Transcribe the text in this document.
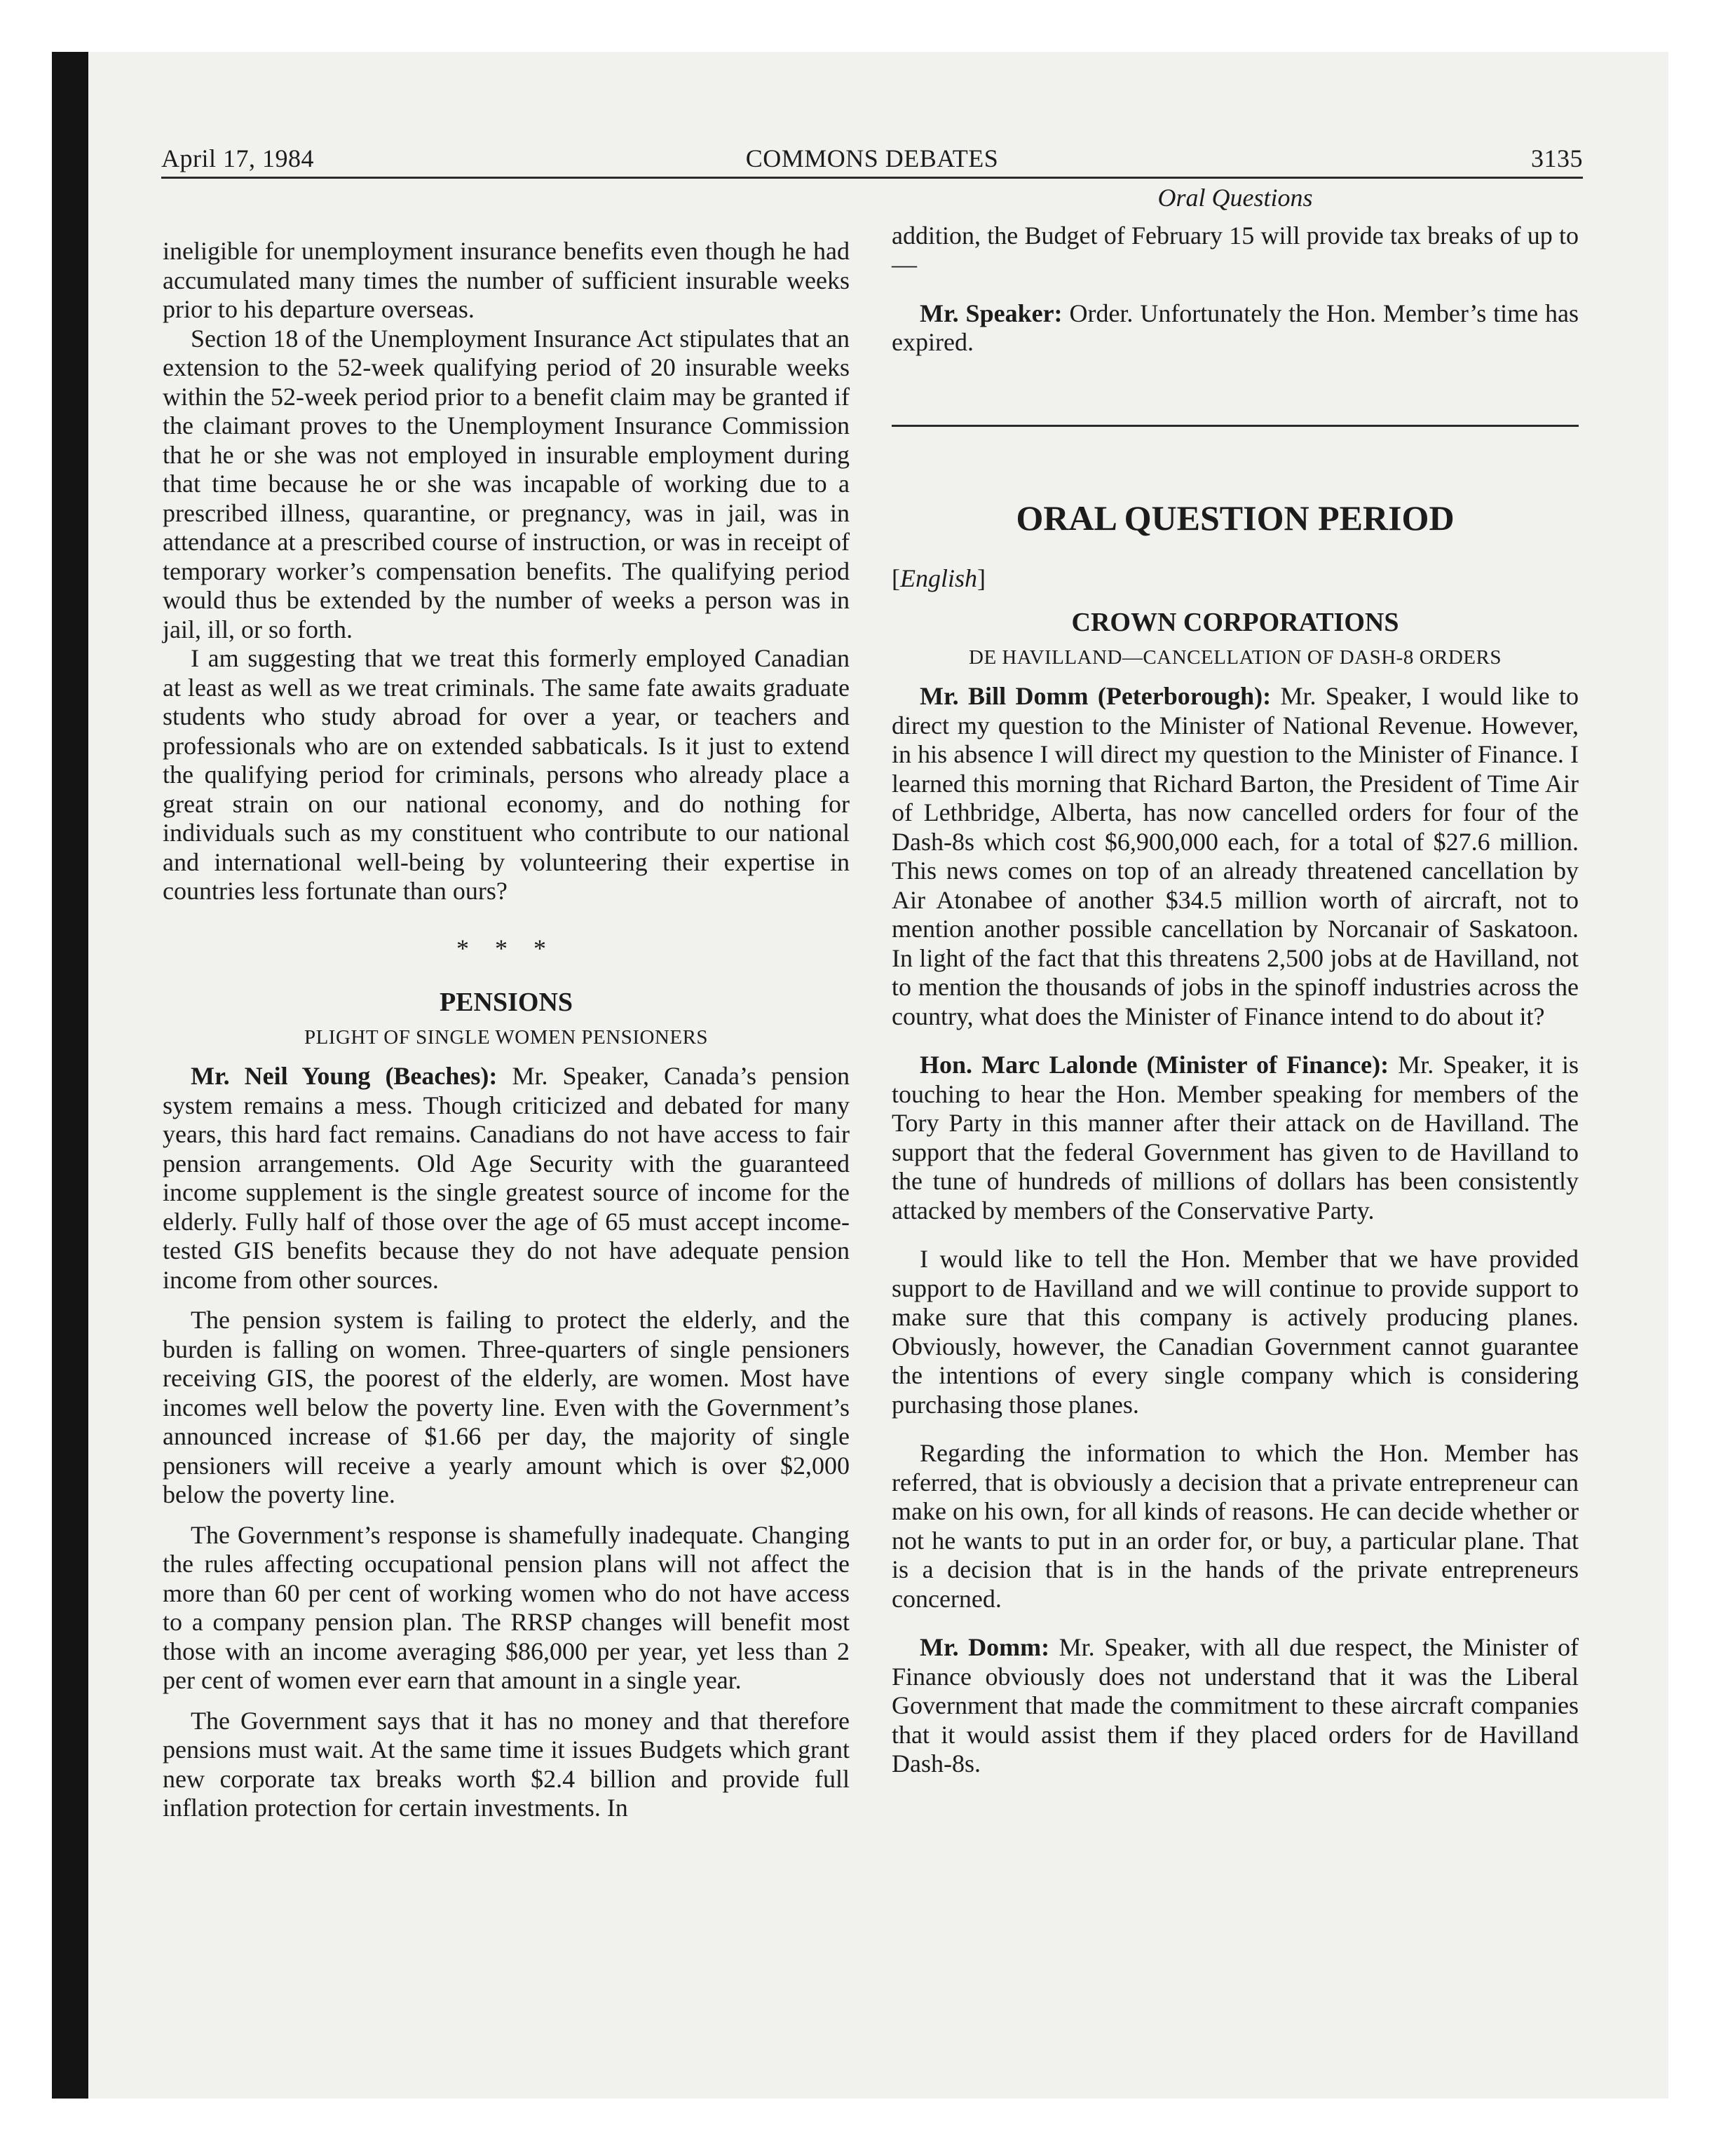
April 17, 1984	COMMONS DEBATES	3135

ineligible for unemployment insurance benefits even though he had accumulated many times the number of sufficient insurable weeks prior to his departure overseas.

Section 18 of the Unemployment Insurance Act stipulates that an extension to the 52-week qualifying period of 20 insurable weeks within the 52-week period prior to a benefit claim may be granted if the claimant proves to the Unemployment Insurance Commission that he or she was not employed in insurable employment during that time because he or she was incapable of working due to a prescribed illness, quarantine, or pregnancy, was in jail, was in attendance at a prescribed course of instruction, or was in receipt of temporary worker’s compensation benefits. The qualifying period would thus be extended by the number of weeks a person was in jail, ill, or so forth.

I am suggesting that we treat this formerly employed Canadian at least as well as we treat criminals. The same fate awaits graduate students who study abroad for over a year, or teachers and professionals who are on extended sabbaticals. Is it just to extend the qualifying period for criminals, persons who already place a great strain on our national economy, and do nothing for individuals such as my constituent who contribute to our national and international well-being by volunteering their expertise in countries less fortunate than ours?

* * *
PENSIONS
PLIGHT OF SINGLE WOMEN PENSIONERS

Mr. Neil Young (Beaches): Mr. Speaker, Canada’s pension system remains a mess. Though criticized and debated for many years, this hard fact remains. Canadians do not have access to fair pension arrangements. Old Age Security with the guaranteed income supplement is the single greatest source of income for the elderly. Fully half of those over the age of 65 must accept income-tested GIS benefits because they do not have adequate pension income from other sources.

The pension system is failing to protect the elderly, and the burden is falling on women. Three-quarters of single pensioners receiving GIS, the poorest of the elderly, are women. Most have incomes well below the poverty line. Even with the Government’s announced increase of $1.66 per day, the majority of single pensioners will receive a yearly amount which is over $2,000 below the poverty line.

The Government’s response is shamefully inadequate. Changing the rules affecting occupational pension plans will not affect the more than 60 per cent of working women who do not have access to a company pension plan. The RRSP changes will benefit most those with an income averaging $86,000 per year, yet less than 2 per cent of women ever earn that amount in a single year.

The Government says that it has no money and that therefore pensions must wait. At the same time it issues Budgets which grant new corporate tax breaks worth $2.4 billion and provide full inflation protection for certain investments. In

Oral Questions

addition, the Budget of February 15 will provide tax breaks of up to—

Mr. Speaker: Order. Unfortunately the Hon. Member’s time has expired.

ORAL QUESTION PERIOD
[English]
CROWN CORPORATIONS
DE HAVILLAND—CANCELLATION OF DASH-8 ORDERS

Mr. Bill Domm (Peterborough): Mr. Speaker, I would like to direct my question to the Minister of National Revenue. However, in his absence I will direct my question to the Minister of Finance. I learned this morning that Richard Barton, the President of Time Air of Lethbridge, Alberta, has now cancelled orders for four of the Dash-8s which cost $6,900,000 each, for a total of $27.6 million. This news comes on top of an already threatened cancellation by Air Atonabee of another $34.5 million worth of aircraft, not to mention another possible cancellation by Norcanair of Saskatoon. In light of the fact that this threatens 2,500 jobs at de Havilland, not to mention the thousands of jobs in the spinoff industries across the country, what does the Minister of Finance intend to do about it?

Hon. Marc Lalonde (Minister of Finance): Mr. Speaker, it is touching to hear the Hon. Member speaking for members of the Tory Party in this manner after their attack on de Havilland. The support that the federal Government has given to de Havilland to the tune of hundreds of millions of dollars has been consistently attacked by members of the Conservative Party.

I would like to tell the Hon. Member that we have provided support to de Havilland and we will continue to provide support to make sure that this company is actively producing planes. Obviously, however, the Canadian Government cannot guarantee the intentions of every single company which is considering purchasing those planes.

Regarding the information to which the Hon. Member has referred, that is obviously a decision that a private entrepreneur can make on his own, for all kinds of reasons. He can decide whether or not he wants to put in an order for, or buy, a particular plane. That is a decision that is in the hands of the private entrepreneurs concerned.

Mr. Domm: Mr. Speaker, with all due respect, the Minister of Finance obviously does not understand that it was the Liberal Government that made the commitment to these aircraft companies that it would assist them if they placed orders for de Havilland Dash-8s.
